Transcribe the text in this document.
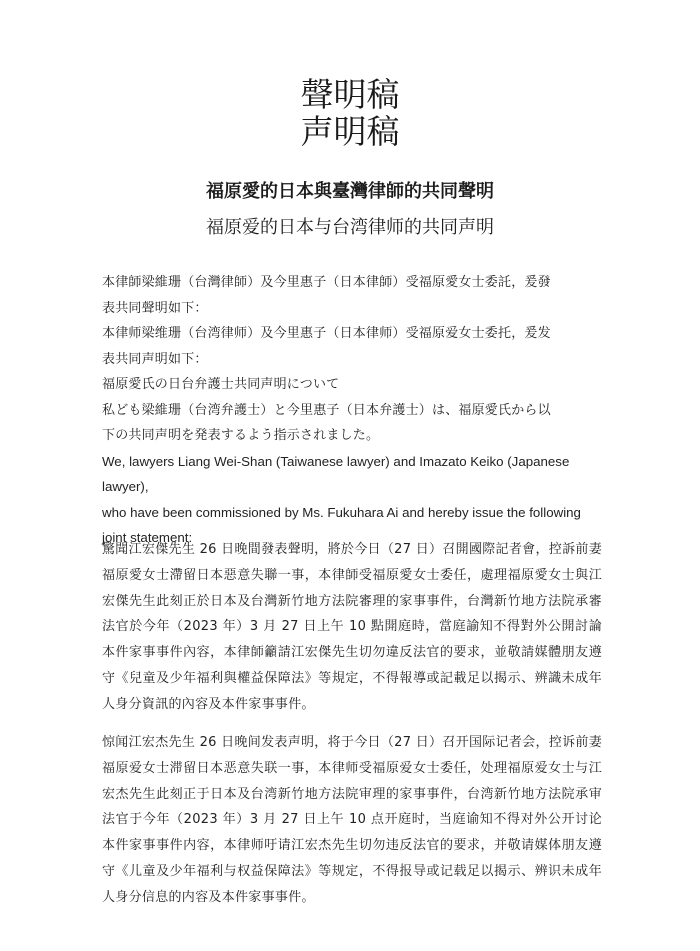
聲明稿
声明稿
福原愛的日本與臺灣律師的共同聲明
福原爱的日本与台湾律师的共同声明

本律師梁維珊（台灣律師）及今里惠子（日本律師）受福原愛女士委託，爰發

表共同聲明如下：

本律师梁维珊（台湾律师）及今里惠子（日本律师）受福原爱女士委托，爰发

表共同声明如下：

福原愛氏の日台弁護士共同声明について

私ども梁維珊（台湾弁護士）と今里惠子（日本弁護士）は、福原愛氏から以

下の共同声明を発表するよう指示されました。

We, lawyers Liang Wei-Shan (Taiwanese lawyer) and Imazato Keiko (Japanese lawyer),

who have been commissioned by Ms. Fukuhara Ai and hereby issue the following

joint statement:

驚聞江宏傑先生 26 日晚間發表聲明，將於今日（27 日）召開國際記者會，控訴前妻福原愛女士滯留日本惡意失聯一事，本律師受福原愛女士委任，處理福原愛女士與江宏傑先生此刻正於日本及台灣新竹地方法院審理的家事事件，台灣新竹地方法院承審法官於今年（2023 年）3 月 27 日上午 10 點開庭時，當庭諭知不得對外公開討論本件家事事件內容，本律師籲請江宏傑先生切勿違反法官的要求，並敬請媒體朋友遵守《兒童及少年福利與權益保障法》等規定，不得報導或記載足以揭示、辨識未成年人身分資訊的內容及本件家事事件。

惊闻江宏杰先生 26 日晚间发表声明，将于今日（27 日）召开国际记者会，控诉前妻福原爱女士滞留日本恶意失联一事，本律师受福原爱女士委任，处理福原爱女士与江宏杰先生此刻正于日本及台湾新竹地方法院审理的家事事件，台湾新竹地方法院承审法官于今年（2023 年）3 月 27 日上午 10 点开庭时，当庭谕知不得对外公开讨论本件家事事件内容，本律师吁请江宏杰先生切勿违反法官的要求，并敬请媒体朋友遵守《儿童及少年福利与权益保障法》等规定，不得报导或记载足以揭示、辨识未成年人身分信息的内容及本件家事事件。
